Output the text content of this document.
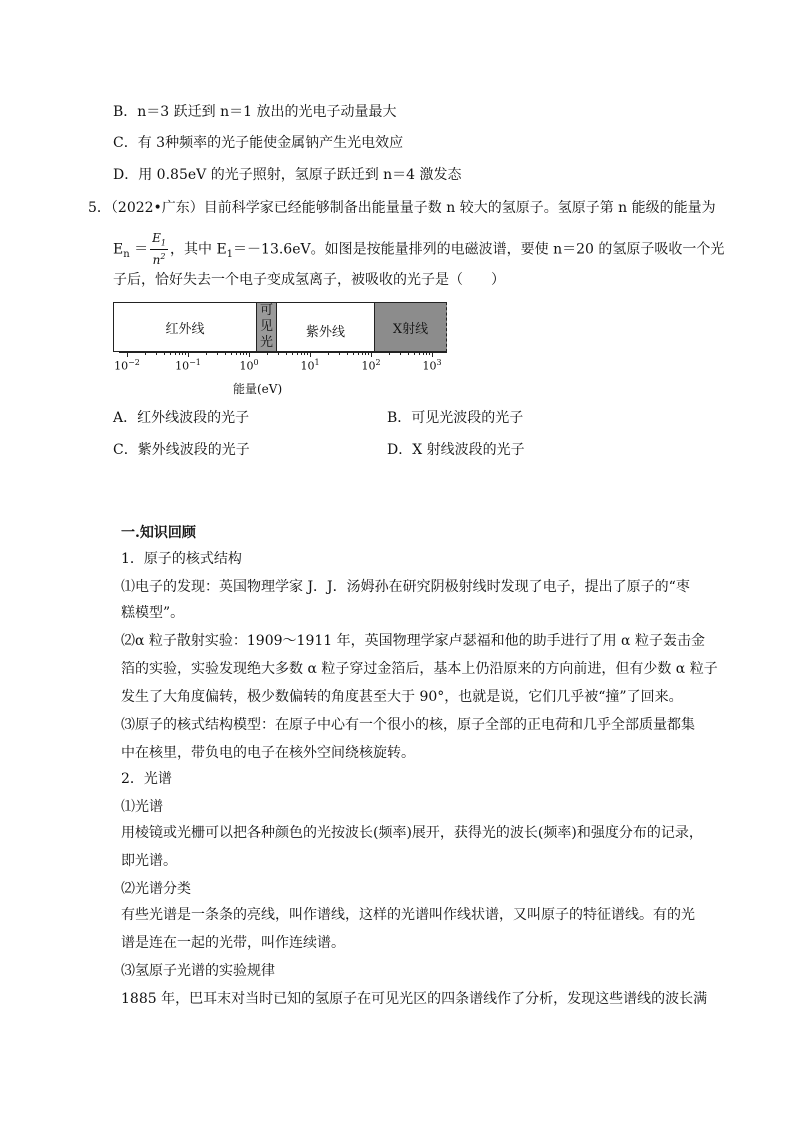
B．n＝3 跃迁到 n＝1 放出的光电子动量最大
C．有 3种频率的光子能使金属钠产生光电效应
D．用 0.85eV 的光子照射，氢原子跃迁到 n＝4 激发态
5．（2022•广东）目前科学家已经能够制备出能量量子数 n 较大的氢原子。氢原子第 n 能级的能量为
$E_n = \frac{E_1}{n^2}$ ，其中 $E_1=-13.6eV$。如图是按能量排列的电磁波谱，要使 n＝20 的氢原子吸收一个光
子后，恰好失去一个电子变成氢离子，被吸收的光子是（　　）
红外线
可
见
光
紫外线	X射线
$10^{-2}$	$10^{-1}$	$10^0$	$10^1$	$10^2$	$10^3$
能量(eV)
A．红外线波段的光子	B．可见光波段的光子
C．紫外线波段的光子	D．X 射线波段的光子
一.知识回顾
1．原子的核式结构
⑴电子的发现：英国物理学家 J．J．汤姆孙在研究阴极射线时发现了电子，提出了原子的“枣
糕模型”。
⑵α 粒子散射实验：1909～1911 年，英国物理学家卢瑟福和他的助手进行了用 α 粒子轰击金
箔的实验，实验发现绝大多数 α 粒子穿过金箔后，基本上仍沿原来的方向前进，但有少数 α 粒子
发生了大角度偏转，极少数偏转的角度甚至大于 90°，也就是说，它们几乎被“撞”了回来。
⑶原子的核式结构模型：在原子中心有一个很小的核，原子全部的正电荷和几乎全部质量都集
中在核里，带负电的电子在核外空间绕核旋转。
2．光谱
⑴光谱
用棱镜或光栅可以把各种颜色的光按波长(频率)展开，获得光的波长(频率)和强度分布的记录，
即光谱。
⑵光谱分类
有些光谱是一条条的亮线，叫作谱线，这样的光谱叫作线状谱，又叫原子的特征谱线。有的光
谱是连在一起的光带，叫作连续谱。
⑶氢原子光谱的实验规律
1885 年，巴耳末对当时已知的氢原子在可见光区的四条谱线作了分析，发现这些谱线的波长满
